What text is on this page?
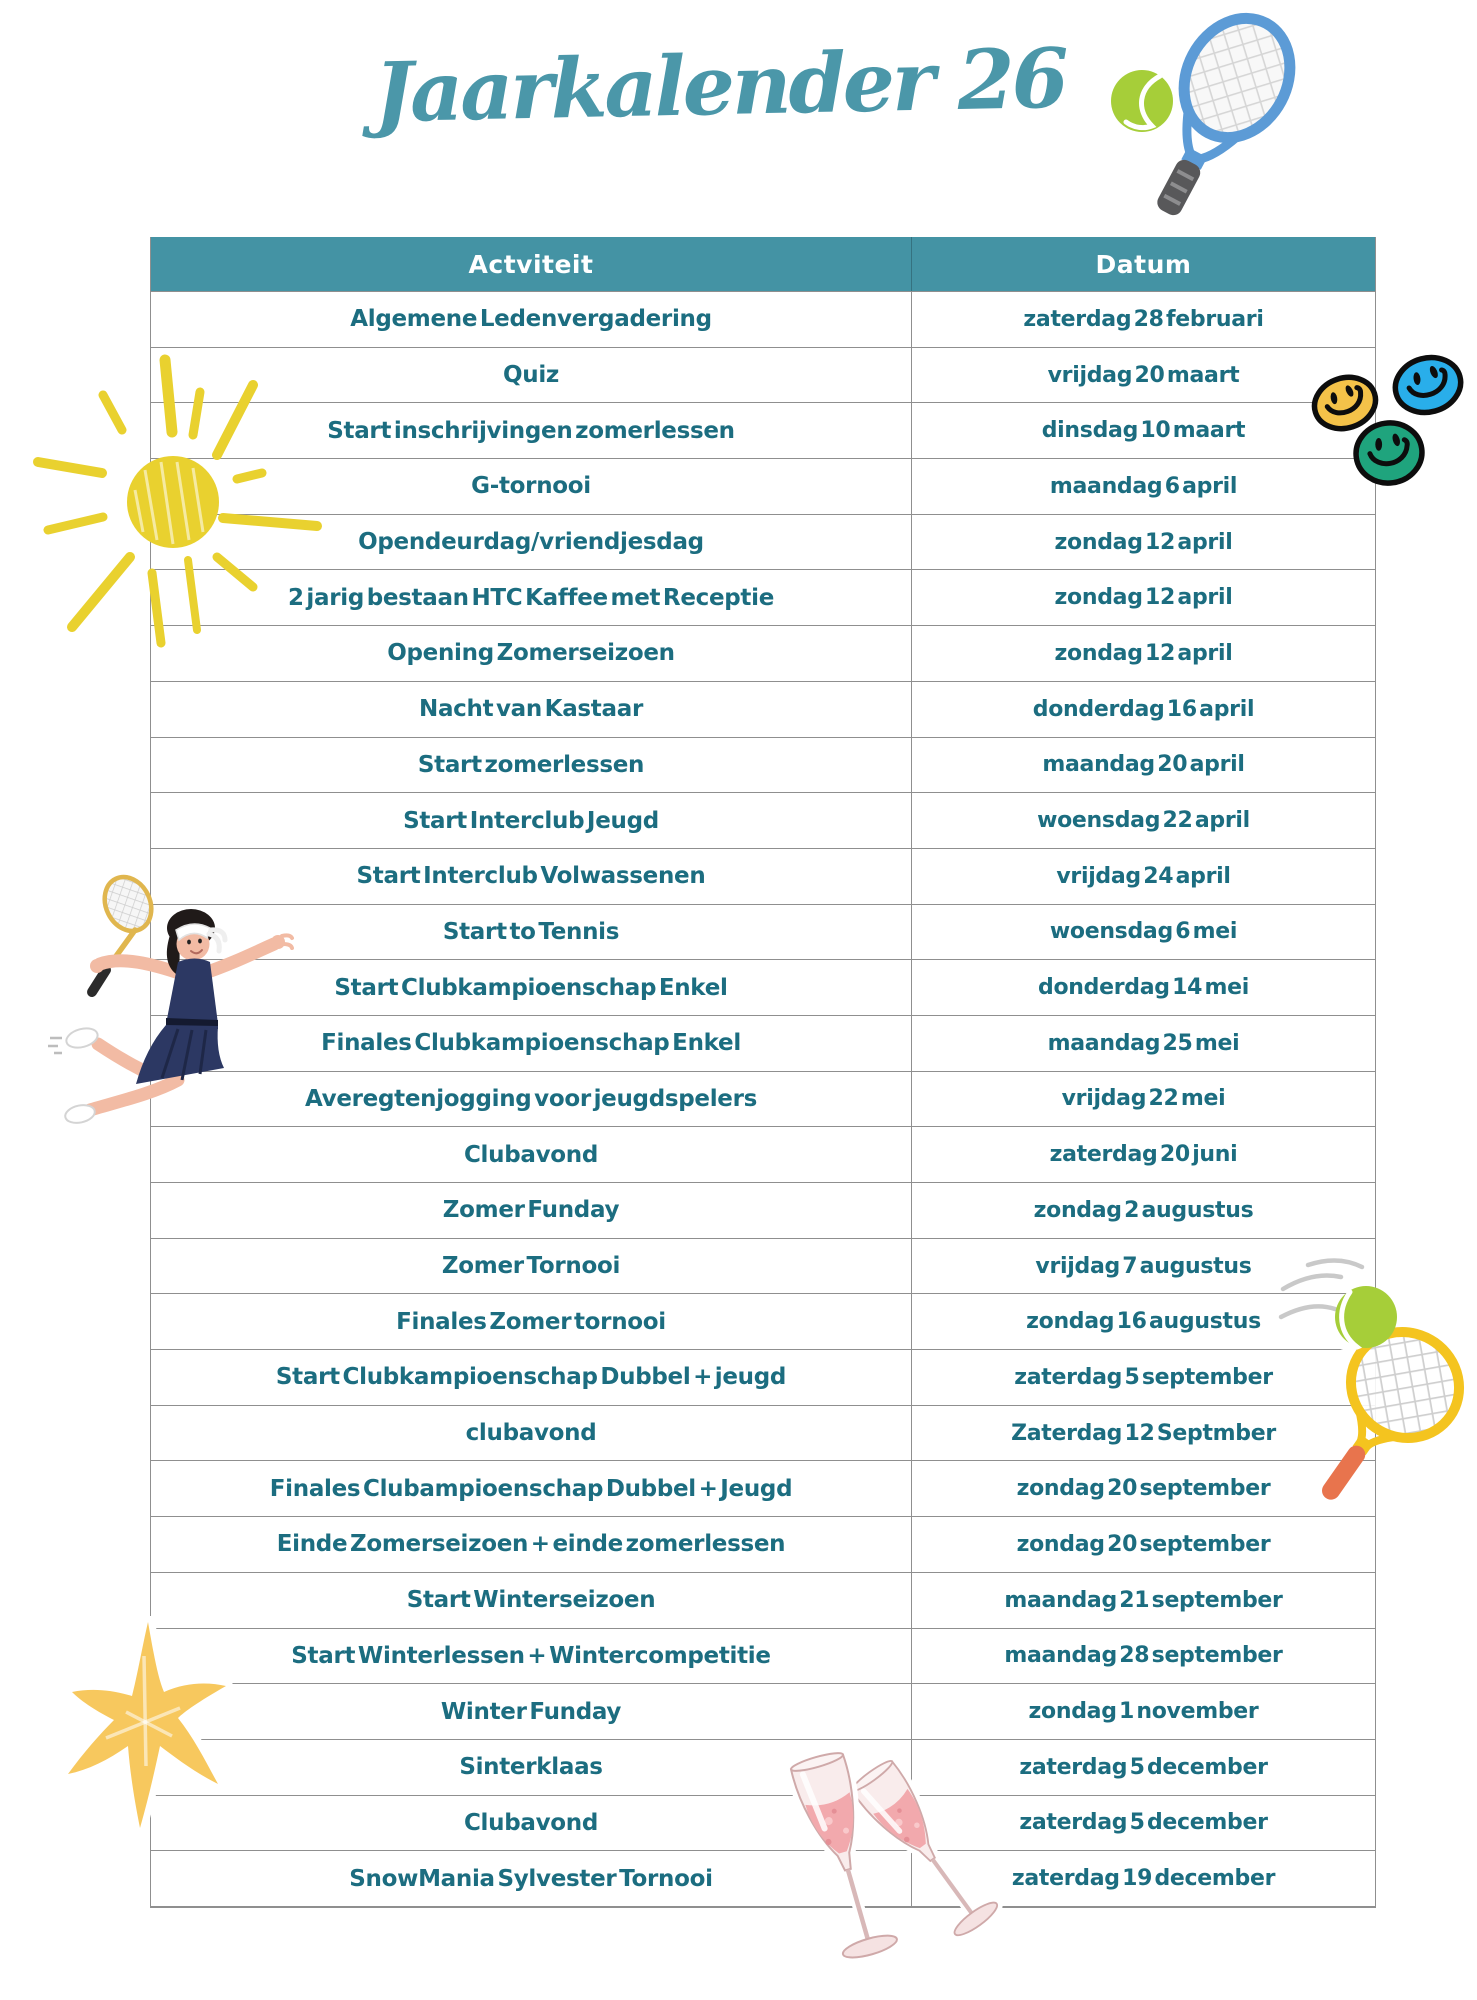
Jaarkalender 26
Actviteit	Datum
Algemene Ledenvergadering	zaterdag 28 februari
Quiz	vrijdag 20 maart
Start inschrijvingen zomerlessen	dinsdag 10 maart
G-tornooi	maandag 6 april
Opendeurdag/vriendjesdag	zondag 12 april
2 jarig bestaan HTC Kaffee met Receptie	zondag 12 april
Opening Zomerseizoen	zondag 12 april
Nacht van Kastaar	donderdag 16 april
Start zomerlessen	maandag 20 april
Start Interclub Jeugd	woensdag 22 april
Start Interclub Volwassenen	vrijdag 24 april
Start to Tennis	woensdag 6 mei
Start Clubkampioenschap Enkel	donderdag 14 mei
Finales Clubkampioenschap Enkel	maandag 25 mei
Averegtenjogging voor jeugdspelers	vrijdag 22 mei
Clubavond	zaterdag 20 juni
Zomer Funday	zondag 2 augustus
Zomer Tornooi	vrijdag 7 augustus
Finales Zomer tornooi	zondag 16 augustus
Start Clubkampioenschap Dubbel + jeugd	zaterdag 5 september
clubavond	Zaterdag 12 Septmber
Finales Clubampioenschap Dubbel + Jeugd	zondag 20 september
Einde Zomerseizoen + einde zomerlessen	zondag 20 september
Start Winterseizoen	maandag 21 september
Start Winterlessen + Wintercompetitie	maandag 28 september
Winter Funday	zondag 1 november
Sinterklaas	zaterdag 5 december
Clubavond	zaterdag 5 december
SnowMania Sylvester Tornooi	zaterdag 19 december
